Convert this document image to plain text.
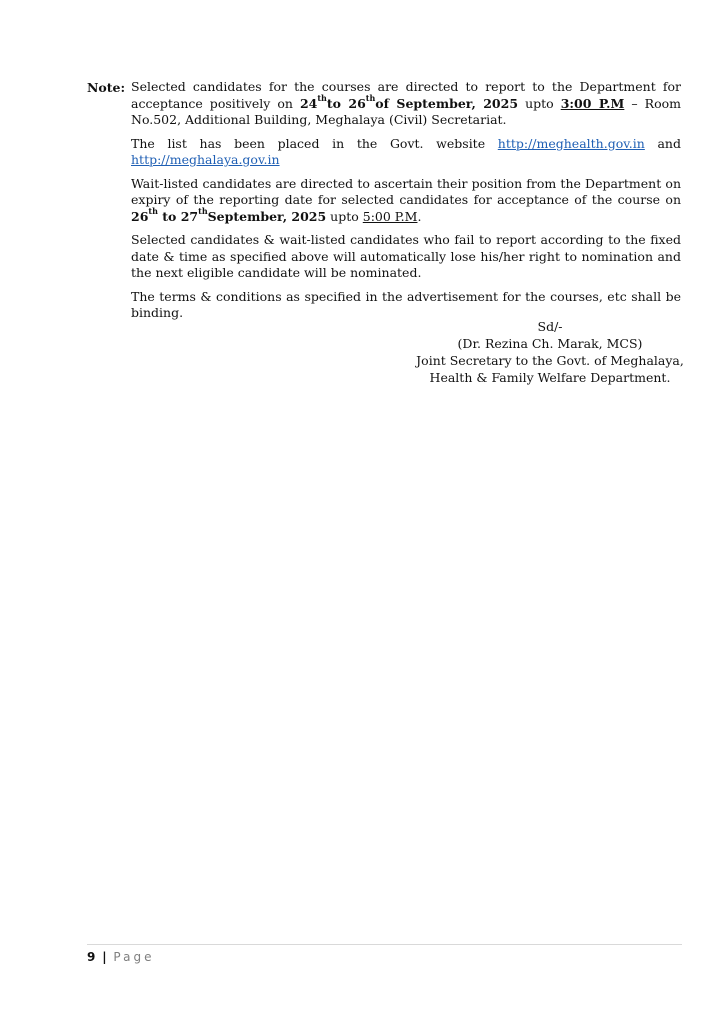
Note: Selected candidates for the courses are directed to report to the Department for acceptance positively on 24thto 26thof September, 2025 upto 3:00 P.M – Room No.502, Additional Building, Meghalaya (Civil) Secretariat.

The list has been placed in the Govt. website http://meghealth.gov.in and

http://meghalaya.gov.in

Wait-listed candidates are directed to ascertain their position from the Department on expiry of the reporting date for selected candidates for acceptance of the course on 26th to 27thSeptember, 2025 upto 5:00 P.M.

Selected candidates & wait-listed candidates who fail to report according to the fixed date & time as specified above will automatically lose his/her right to nomination and the next eligible candidate will be nominated.

The terms & conditions as specified in the advertisement for the courses, etc shall be binding.

Sd/-
(Dr. Rezina Ch. Marak, MCS)
Joint Secretary to the Govt. of Meghalaya,
Health & Family Welfare Department.
9 | Page
